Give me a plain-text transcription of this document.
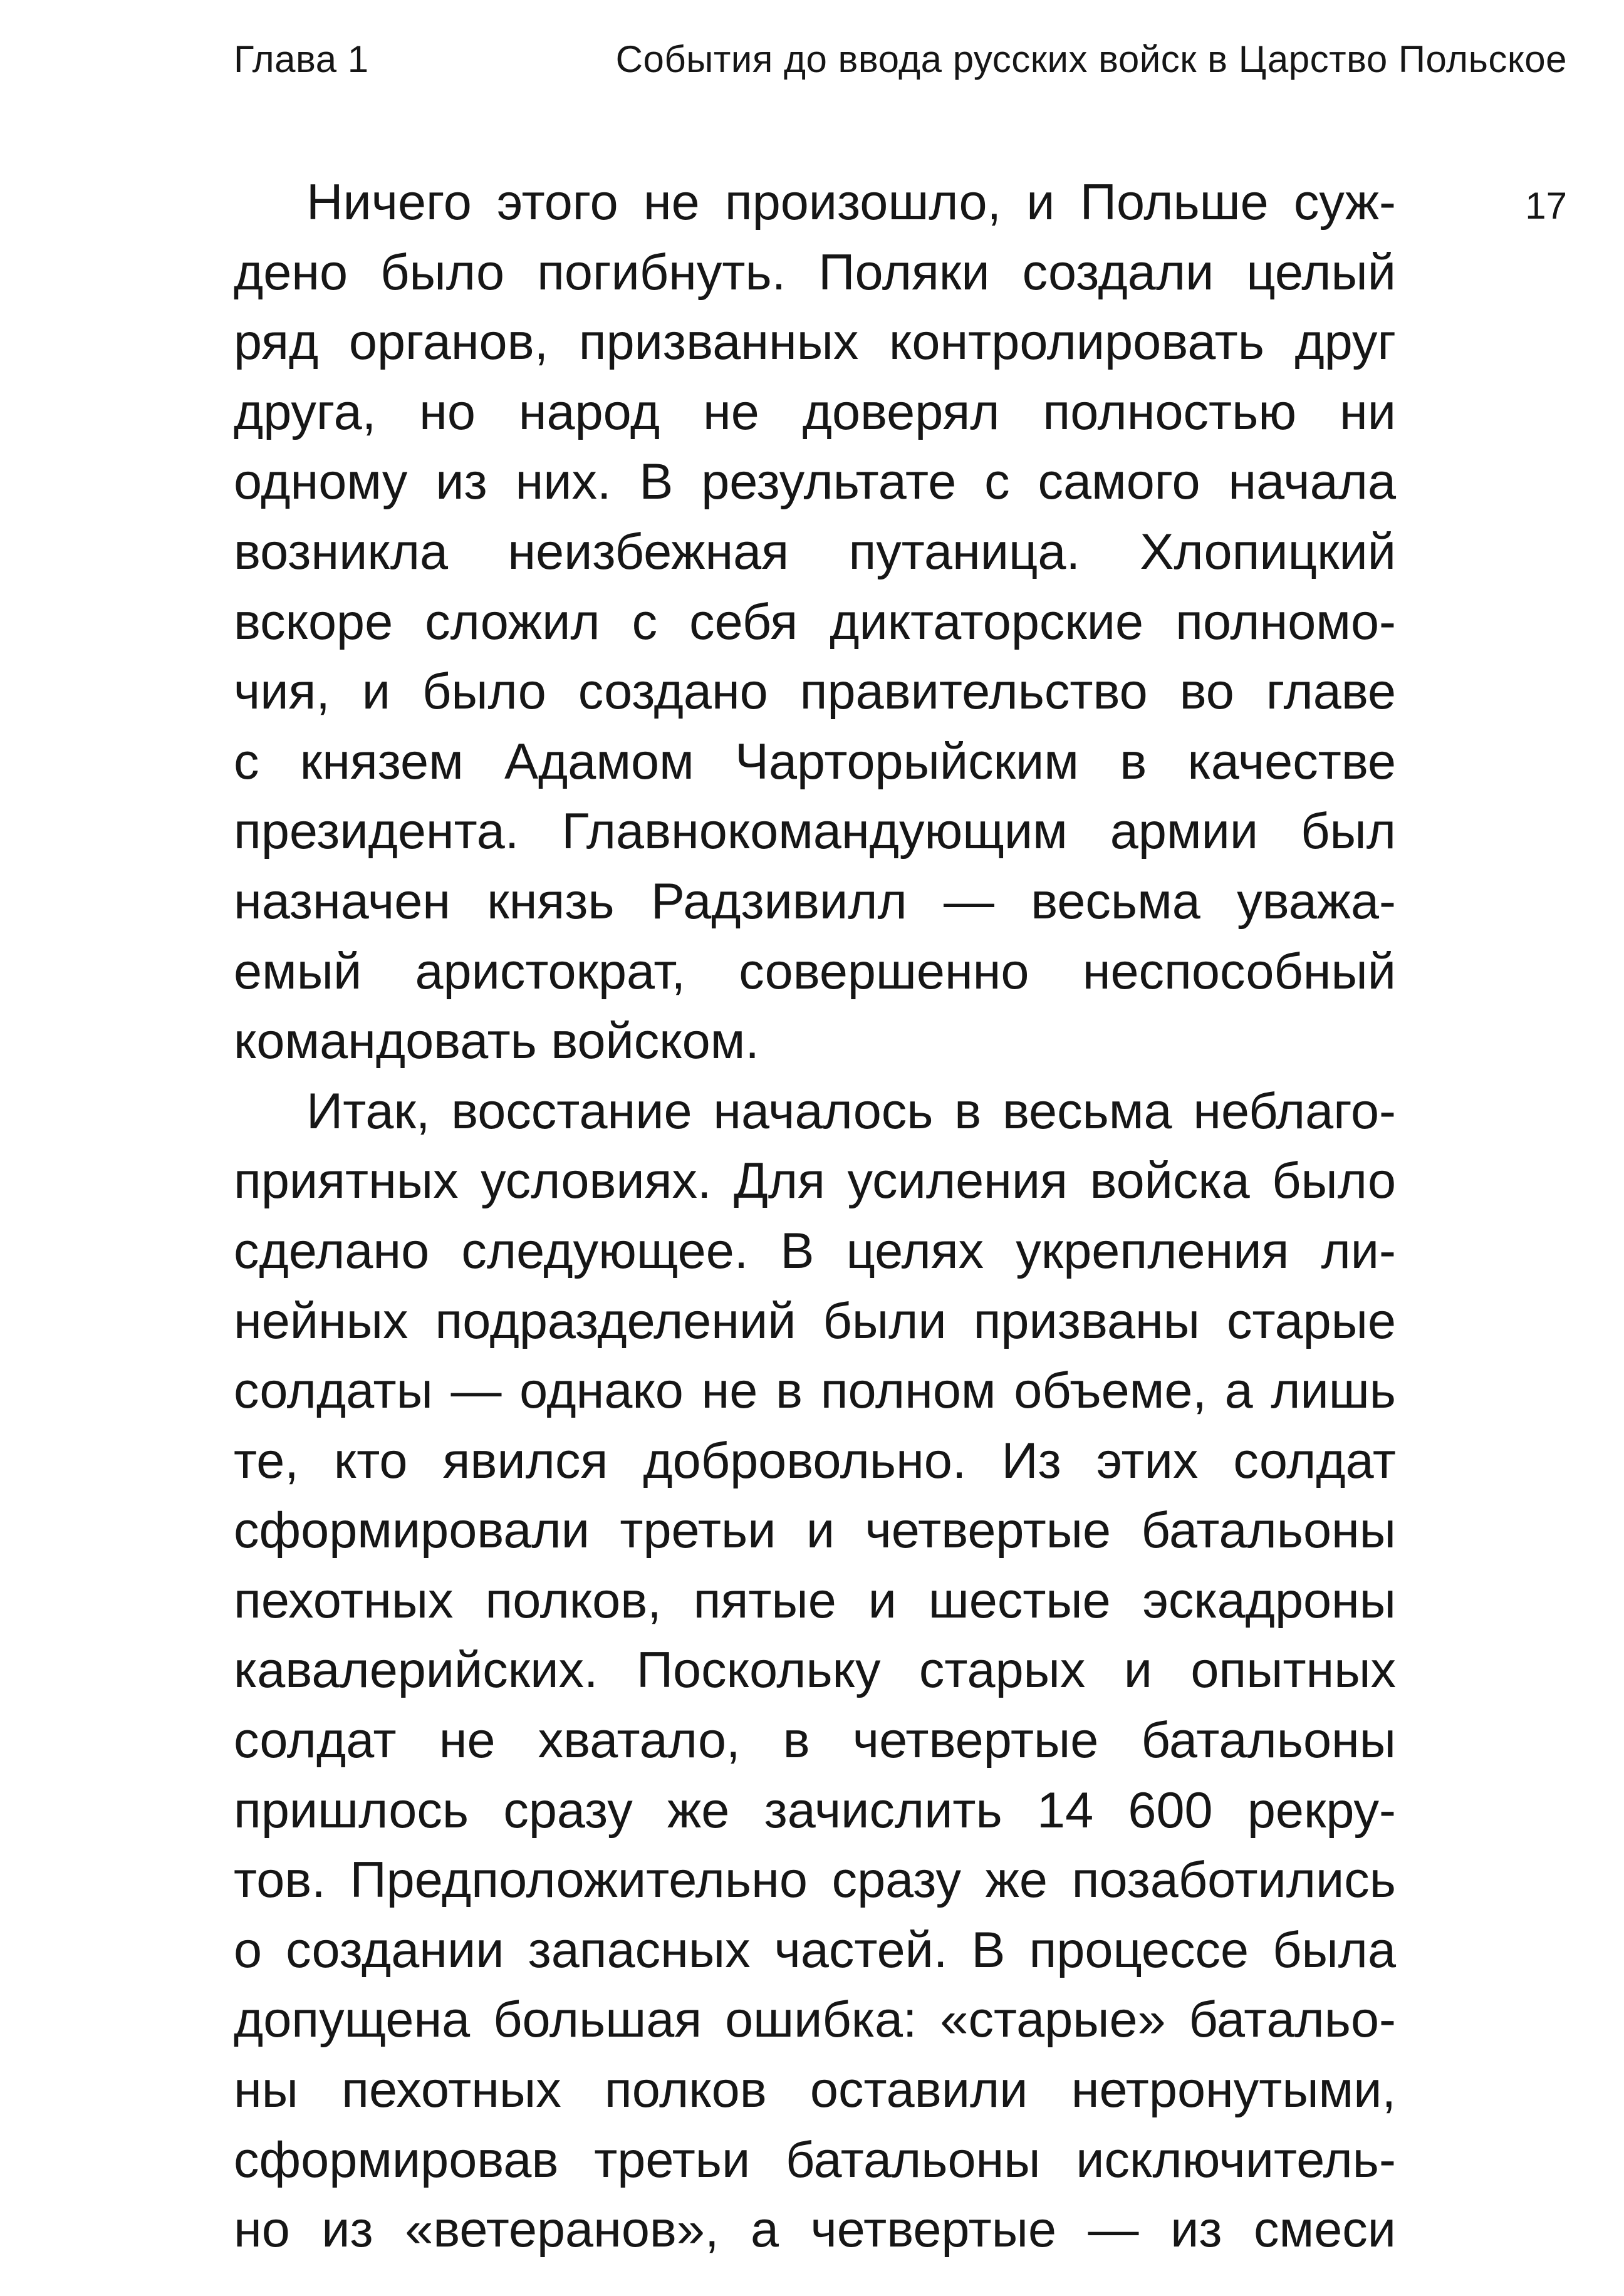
Глава 1	События до ввода русских войск в Царство Польское
17
Ничего этого не произошло, и Польше суж-
дено было погибнуть. Поляки создали целый
ряд органов, призванных контролировать друг
друга, но народ не доверял полностью ни
одному из них. В результате с самого начала
возникла неизбежная путаница. Хлопицкий
вскоре сложил с себя диктаторские полномо-
чия, и было создано правительство во главе
с князем Адамом Чарторыйским в качестве
президента. Главнокомандующим армии был
назначен князь Радзивилл — весьма уважа-
емый аристократ, совершенно неспособный
командовать войском.
Итак, восстание началось в весьма неблаго-
приятных условиях. Для усиления войска было
сделано следующее. В целях укрепления ли-
нейных подразделений были призваны старые
солдаты — однако не в полном объеме, а лишь
те, кто явился добровольно. Из этих солдат
сформировали третьи и четвертые батальоны
пехотных полков, пятые и шестые эскадроны
кавалерийских. Поскольку старых и опытных
солдат не хватало, в четвертые батальоны
пришлось сразу же зачислить 14 600 рекру-
тов. Предположительно сразу же позаботились
о создании запасных частей. В процессе была
допущена большая ошибка: «старые» батальо-
ны пехотных полков оставили нетронутыми,
сформировав третьи батальоны исключитель-
но из «ветеранов», а четвертые — из смеси
